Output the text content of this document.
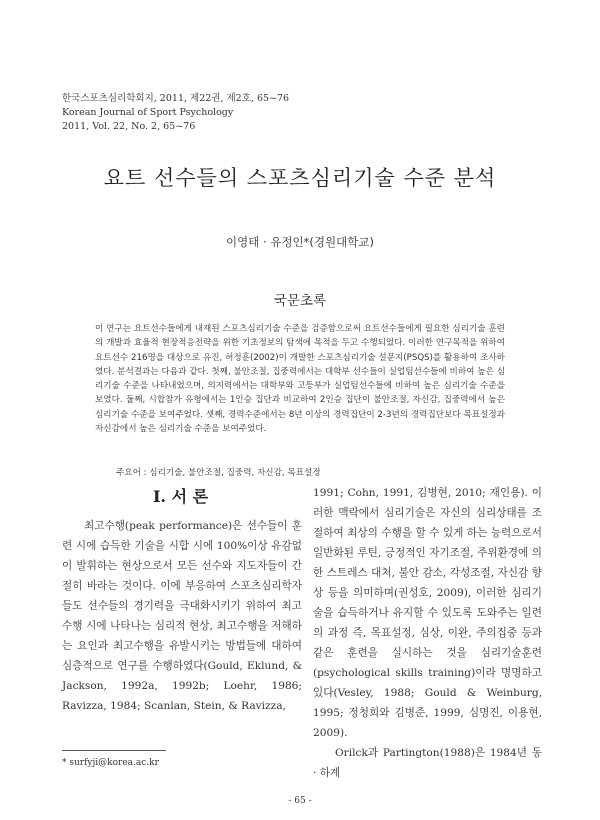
한국스포츠심리학회지, 2011, 제22권, 제2호, 65~76
Korean Journal of Sport Psychology
2011, Vol. 22, No. 2, 65~76
요트 선수들의 스포츠심리기술 수준 분석
이영태 · 유정인*(경원대학교)
국문초록
이 연구는 요트선수들에게 내재된 스포츠심리기술 수준을 검증함으로써 요트선수들에게 필요한 심리기술 훈련의 개발과 효율적 현장적응전략을 위한 기초정보의 탐색에 목적을 두고 수행되었다. 이러한 연구목적을 위하여 요트선수 216명을 대상으로 유진, 허정훈(2002)이 개발한 스포츠심리기술 설문지(PSQS)를 활용하여 조사하였다. 분석결과는 다음과 같다. 첫째, 불안조절, 집중력에서는 대학부 선수들이 실업팀선수들에 비하여 높은 심리기술 수준을 나타내었으며, 의지력에서는 대학부와 고등부가 실업팀선수들에 비하여 높은 심리기술 수준을 보였다. 둘째, 시합참가 유형에서는 1인승 집단과 비교하여 2인승 집단이 불안조절, 자신감, 집중력에서 높은 심리기술 수준을 보여주었다. 셋째, 경력수준에서는 8년 이상의 경력집단이 2-3년의 경력집단보다 목표설정과 자신감에서 높은 심리기술 수준을 보여주었다.
주요어 : 심리기술, 불안조절, 집중력, 자신감, 목표설정
I. 서 론

최고수행(peak performance)은 선수들이 훈련 시에 습득한 기술을 시합 시에 100%이상 유감없이 발휘하는 현상으로서 모든 선수와 지도자들이 간절히 바라는 것이다. 이에 부응하여 스포츠심리학자들도 선수들의 경기력을 극대화시키기 위하여 최고수행 시에 나타나는 심리적 현상, 최고수행을 저해하는 요인과 최고수행을 유발시키는 방법들에 대하여 심층적으로 연구를 수행하였다(Gould, Eklund, & Jackson, 1992a, 1992b; Loehr, 1986; Ravizza, 1984; Scanlan, Stein, & Ravizza,

1991; Cohn, 1991, 김병현, 2010; 재인용). 이러한 맥락에서 심리기술은 자신의 심리상태를 조절하여 최상의 수행을 할 수 있게 하는 능력으로서 일반화된 루틴, 긍정적인 자기조절, 주위환경에 의한 스트레스 대처, 불안 감소, 각성조절, 자신감 향상 등을 의미하며(권성호, 2009), 이러한 심리기술을 습득하거나 유지할 수 있도록 도와주는 일련의 과정 즉, 목표설정, 심상, 이완, 주의집중 등과 같은 훈련을 실시하는 것을 심리기술훈련(psychological skills training)이라 명명하고 있다(Vesley, 1988; Gould & Weinburg, 1995; 정청희와 김병준, 1999, 심명진, 이용현, 2009).

Orilck과 Partington(1988)은 1984년 동 · 하계

* surfyji@korea.ac.kr
- 65 -
